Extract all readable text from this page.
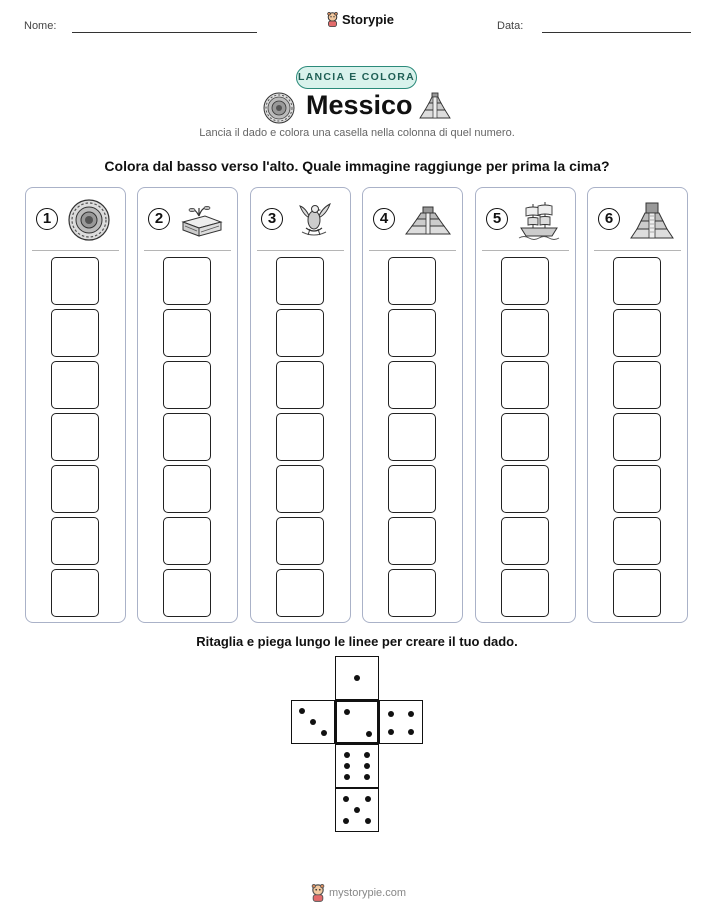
Nome:	Storypie	Data:
LANCIA E COLORA
Messico
Lancia il dado e colora una casella nella colonna di quel numero.
Colora dal basso verso l'alto. Quale immagine raggiunge per prima la cima?
1	2	3	4	5	6
Ritaglia e piega lungo le linee per creare il tuo dado.
mystorypie.com
